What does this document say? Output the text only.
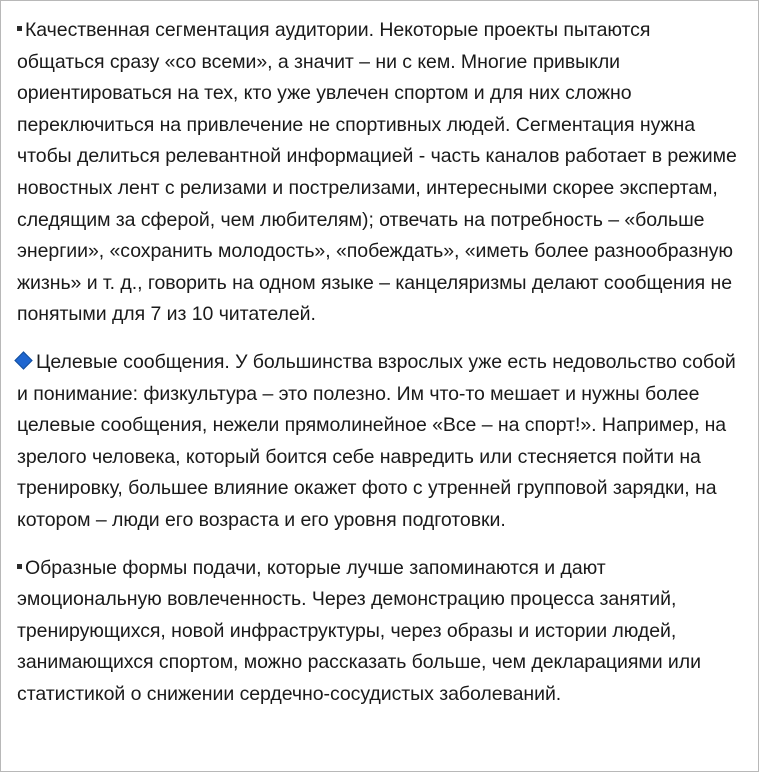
Качественная сегментация аудитории. Некоторые проекты пытаются общаться сразу «со всеми», а значит – ни с кем. Многие привыкли ориентироваться на тех, кто уже увлечен спортом и для них сложно переключиться на привлечение не спортивных людей. Сегментация нужна чтобы делиться релевантной информацией - часть каналов работает в режиме новостных лент с релизами и пострелизами, интересными скорее экспертам, следящим за сферой, чем любителям); отвечать на потребность – «больше энергии», «сохранить молодость», «побеждать», «иметь более разнообразную жизнь» и т. д., говорить на одном языке – канцеляризмы делают сообщения не понятыми для 7 из 10 читателей.

Целевые сообщения. У большинства взрослых уже есть недовольство собой и понимание: физкультура – это полезно. Им что-то мешает и нужны более целевые сообщения, нежели прямолинейное «Все – на спорт!». Например, на зрелого человека, который боится себе навредить или стесняется пойти на тренировку, большее влияние окажет фото с утренней групповой зарядки, на котором – люди его возраста и его уровня подготовки.

Образные формы подачи, которые лучше запоминаются и дают эмоциональную вовлеченность. Через демонстрацию процесса занятий, тренирующихся, новой инфраструктуры, через образы и истории людей, занимающихся спортом, можно рассказать больше, чем декларациями или статистикой о снижении сердечно-сосудистых заболеваний.
